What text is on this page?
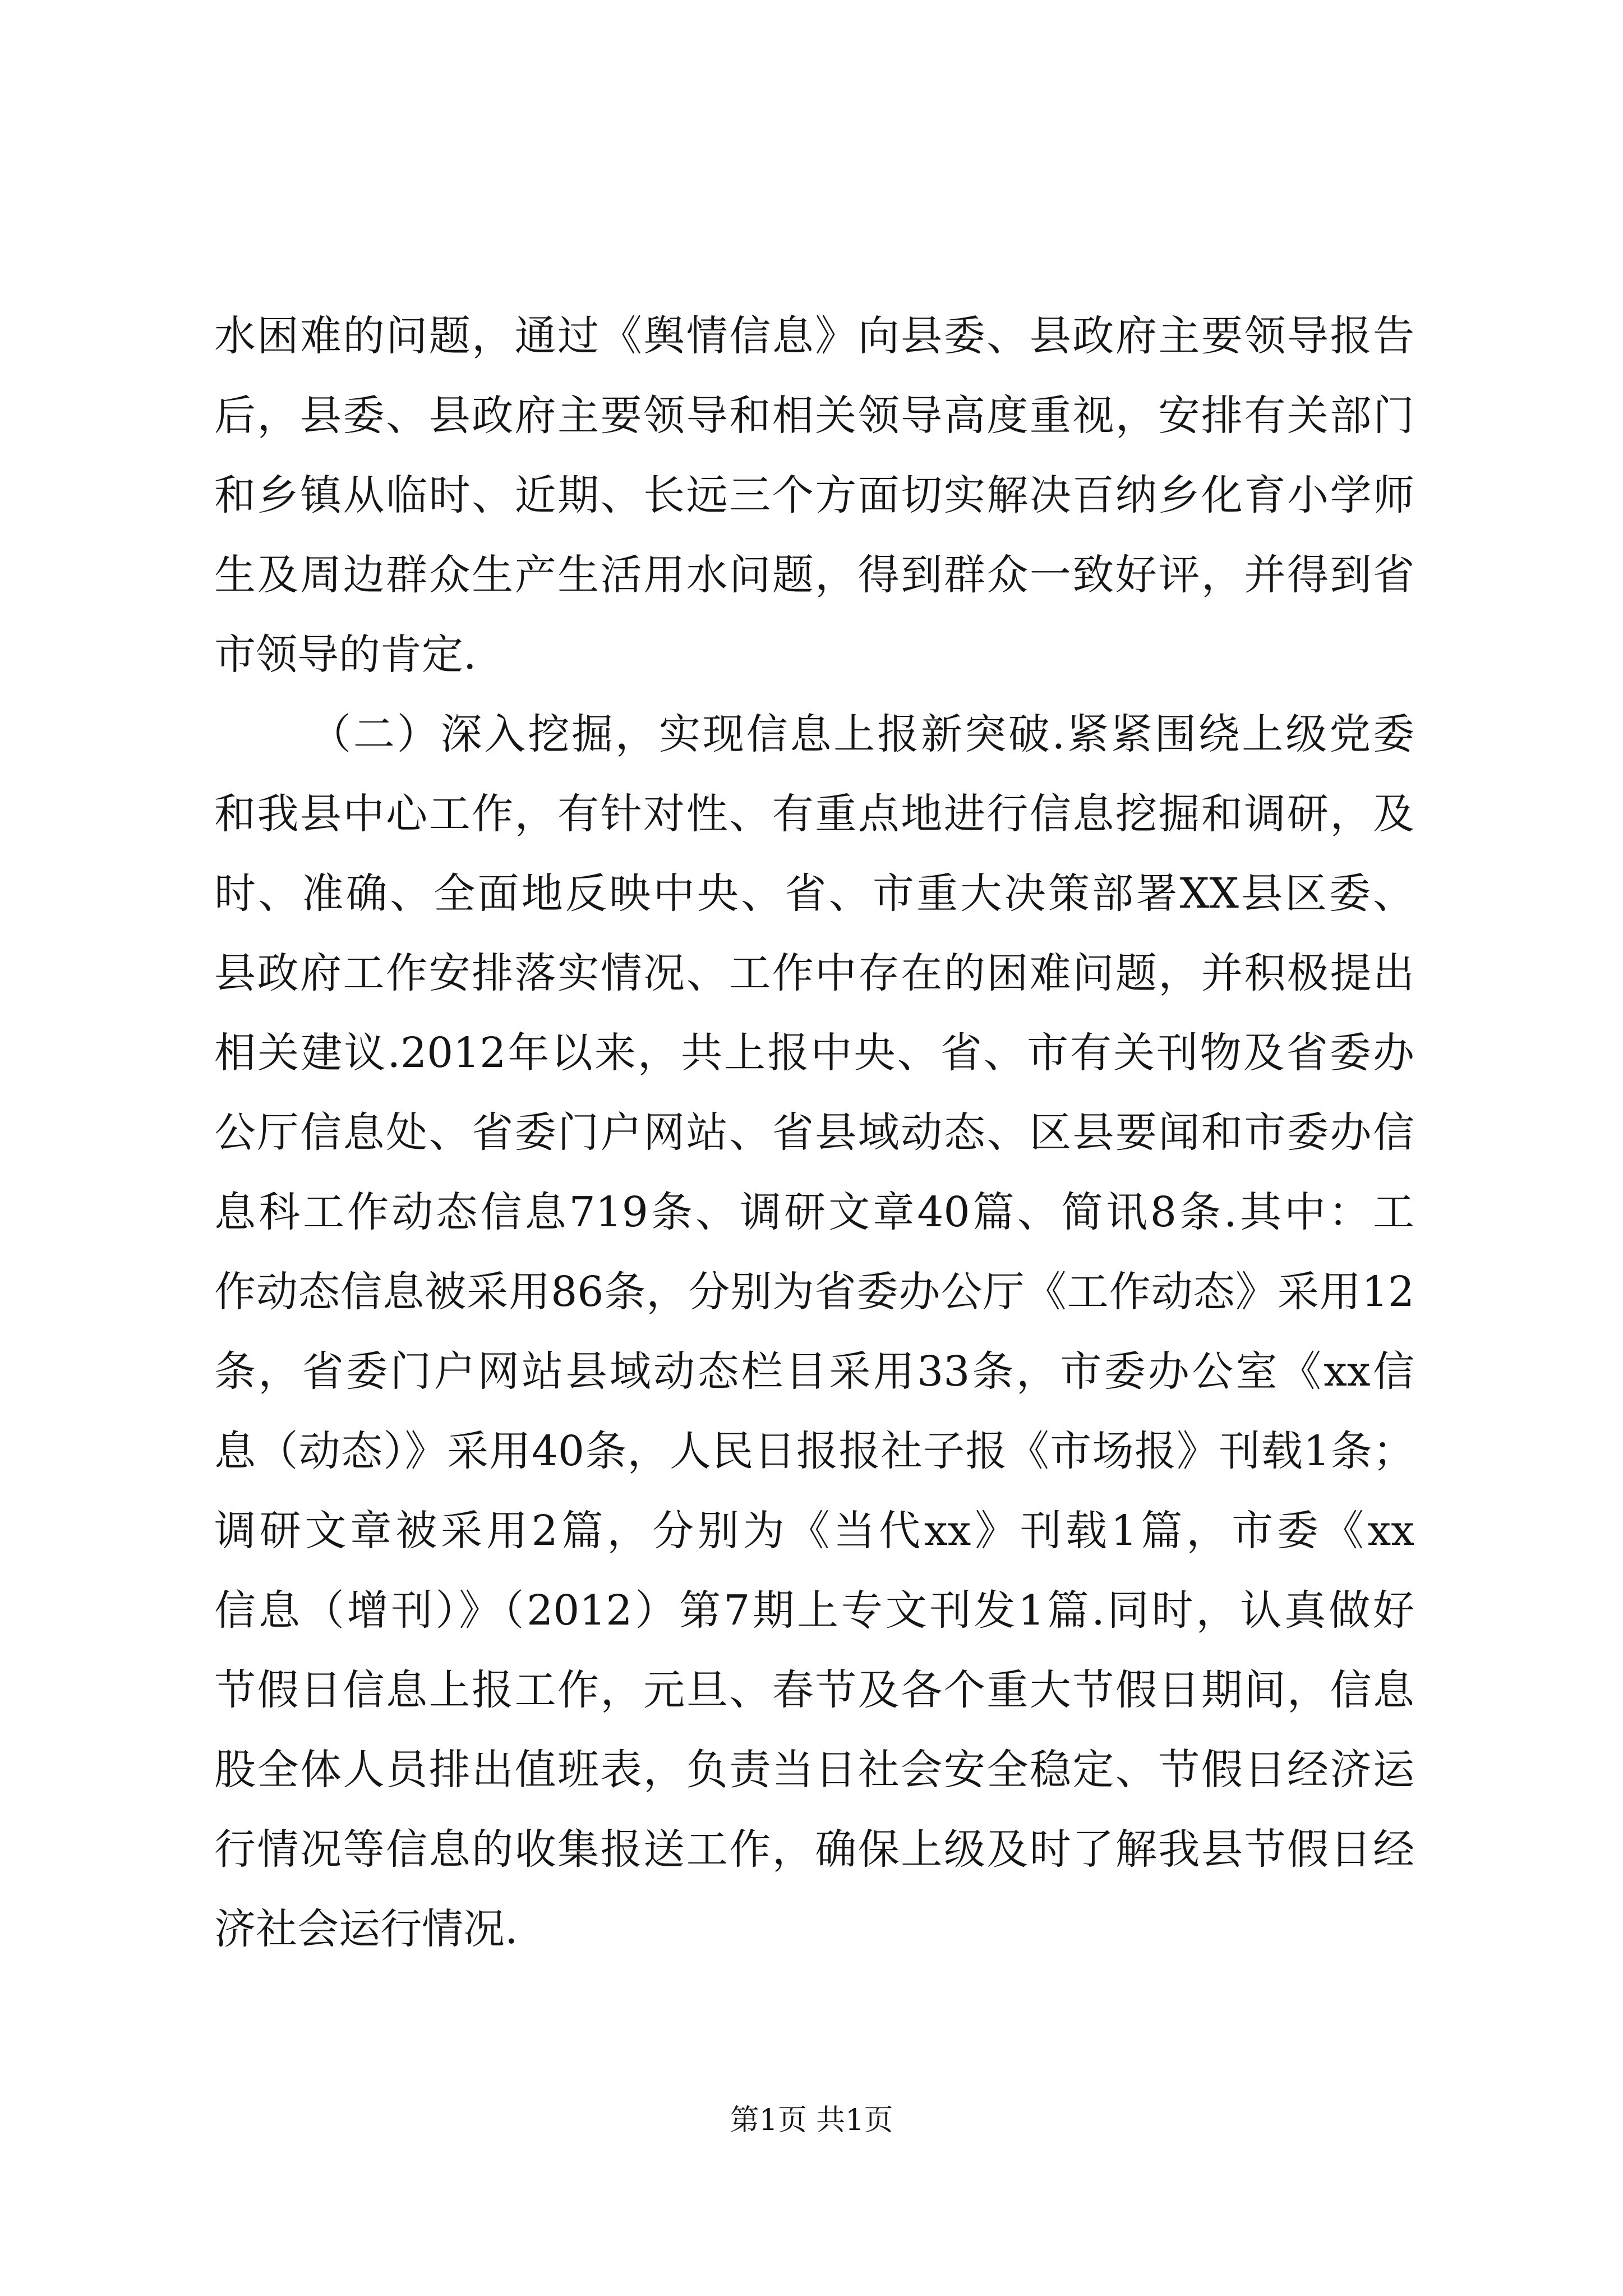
水困难的问题，通过《舆情信息》向县委、县政府主要领导报告
后，县委、县政府主要领导和相关领导高度重视，安排有关部门
和乡镇从临时、近期、长远三个方面切实解决百纳乡化育小学师
生及周边群众生产生活用水问题，得到群众一致好评，并得到省
市领导的肯定.
（二）深入挖掘，实现信息上报新突破.紧紧围绕上级党委
和我县中心工作，有针对性、有重点地进行信息挖掘和调研，及
时、准确、全面地反映中央、省、市重大决策部署XX县区委、
县政府工作安排落实情况、工作中存在的困难问题，并积极提出
相关建议.2012年以来，共上报中央、省、市有关刊物及省委办
公厅信息处、省委门户网站、省县域动态、区县要闻和市委办信
息科工作动态信息719条、调研文章40篇、简讯8条.其中：工
作动态信息被采用86条，分别为省委办公厅《工作动态》采用12
条，省委门户网站县域动态栏目采用33条，市委办公室《xx信
息（动态）》采用40条，人民日报报社子报《市场报》刊载1条；
调研文章被采用2篇，分别为《当代xx》刊载1篇，市委《xx
信息（增刊）》（2012）第7期上专文刊发1篇.同时，认真做好
节假日信息上报工作，元旦、春节及各个重大节假日期间，信息
股全体人员排出值班表，负责当日社会安全稳定、节假日经济运
行情况等信息的收集报送工作，确保上级及时了解我县节假日经
济社会运行情况.
第1页 共1页
